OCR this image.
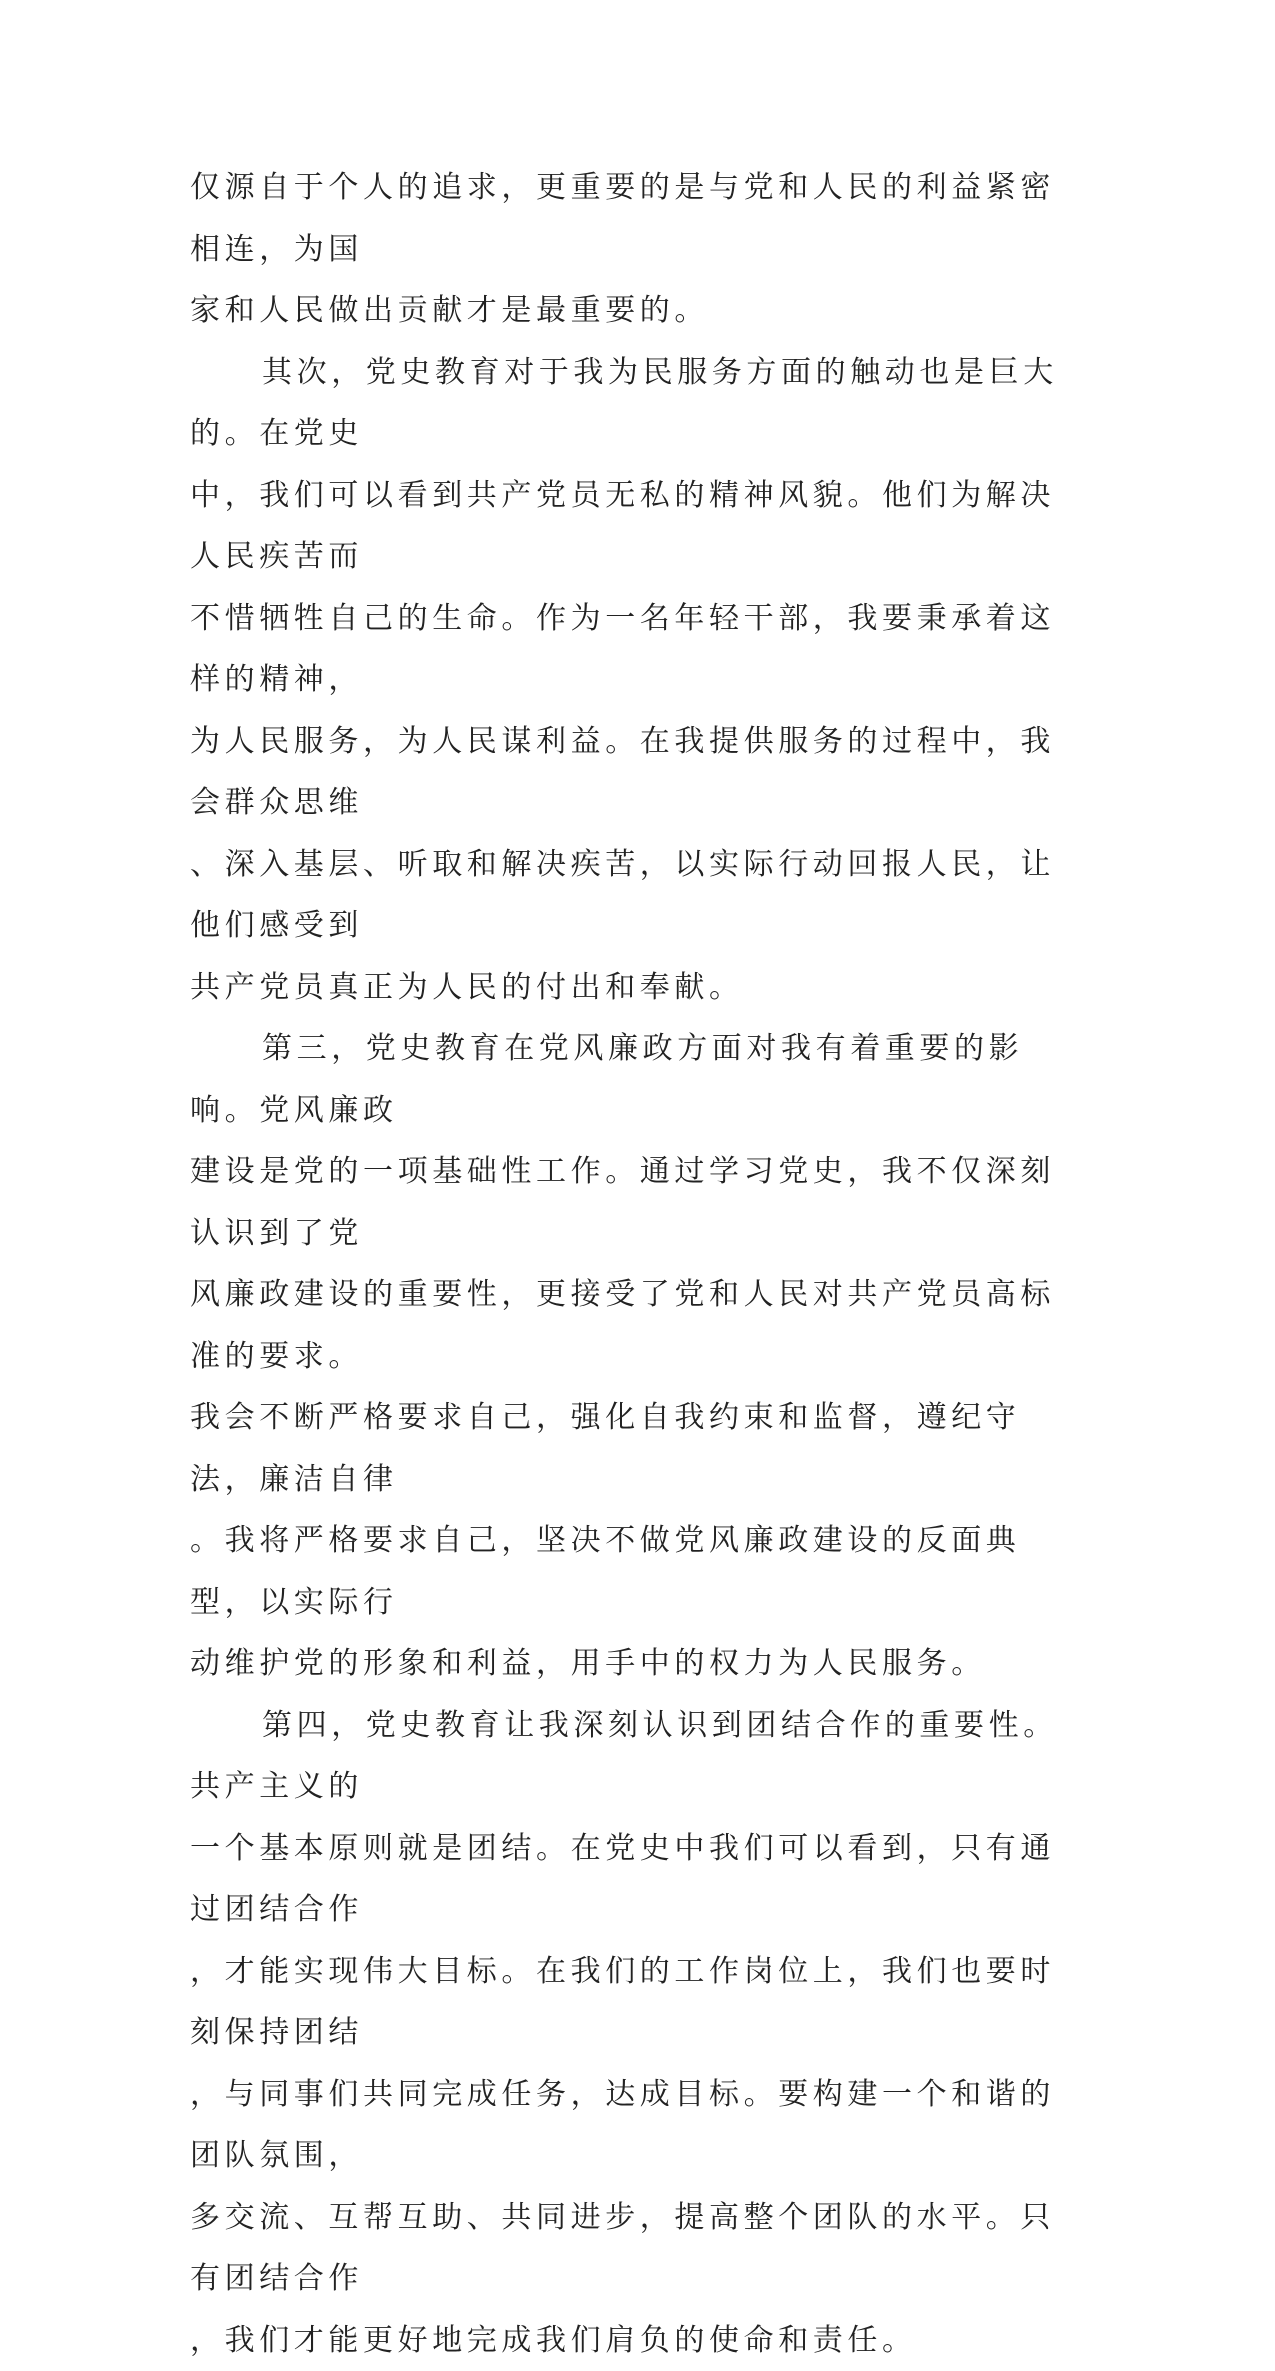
仅源自于个人的追求，更重要的是与党和人民的利益紧密相连，为国
家和人民做出贡献才是最重要的。

其次，党史教育对于我为民服务方面的触动也是巨大的。在党史
中，我们可以看到共产党员无私的精神风貌。他们为解决人民疾苦而
不惜牺牲自己的生命。作为一名年轻干部，我要秉承着这样的精神，
为人民服务，为人民谋利益。在我提供服务的过程中，我会群众思维
、深入基层、听取和解决疾苦，以实际行动回报人民，让他们感受到
共产党员真正为人民的付出和奉献。

第三，党史教育在党风廉政方面对我有着重要的影响。党风廉政
建设是党的一项基础性工作。通过学习党史，我不仅深刻认识到了党
风廉政建设的重要性，更接受了党和人民对共产党员高标准的要求。
我会不断严格要求自己，强化自我约束和监督，遵纪守法，廉洁自律
。我将严格要求自己，坚决不做党风廉政建设的反面典型，以实际行
动维护党的形象和利益，用手中的权力为人民服务。

第四，党史教育让我深刻认识到团结合作的重要性。共产主义的
一个基本原则就是团结。在党史中我们可以看到，只有通过团结合作
，才能实现伟大目标。在我们的工作岗位上，我们也要时刻保持团结
，与同事们共同完成任务，达成目标。要构建一个和谐的团队氛围，
多交流、互帮互助、共同进步，提高整个团队的水平。只有团结合作
，我们才能更好地完成我们肩负的使命和责任。
